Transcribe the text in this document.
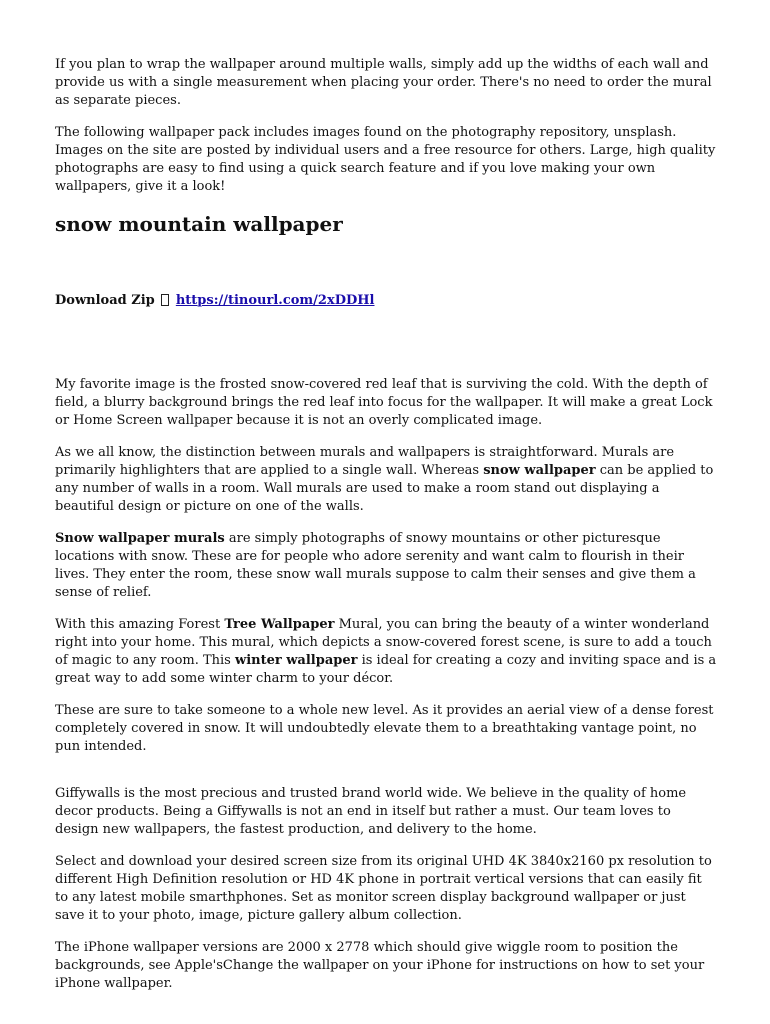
If you plan to wrap the wallpaper around multiple walls, simply add up the widths of each wall and provide us with a single measurement when placing your order. There's no need to order the mural as separate pieces.

The following wallpaper pack includes images found on the photography repository, unsplash. Images on the site are posted by individual users and a free resource for others. Large, high quality photographs are easy to find using a quick search feature and if you love making your own wallpapers, give it a look!

snow mountain wallpaper
Download Zip https://tinourl.com/2xDDHl

My favorite image is the frosted snow-covered red leaf that is surviving the cold. With the depth of field, a blurry background brings the red leaf into focus for the wallpaper. It will make a great Lock or Home Screen wallpaper because it is not an overly complicated image.

As we all know, the distinction between murals and wallpapers is straightforward. Murals are primarily highlighters that are applied to a single wall. Whereas snow wallpaper can be applied to any number of walls in a room. Wall murals are used to make a room stand out displaying a beautiful design or picture on one of the walls.

Snow wallpaper murals are simply photographs of snowy mountains or other picturesque locations with snow. These are for people who adore serenity and want calm to flourish in their lives. They enter the room, these snow wall murals suppose to calm their senses and give them a sense of relief.

With this amazing Forest Tree Wallpaper Mural, you can bring the beauty of a winter wonderland right into your home. This mural, which depicts a snow-covered forest scene, is sure to add a touch of magic to any room. This winter wallpaper is ideal for creating a cozy and inviting space and is a great way to add some winter charm to your décor.

These are sure to take someone to a whole new level. As it provides an aerial view of a dense forest completely covered in snow. It will undoubtedly elevate them to a breathtaking vantage point, no pun intended.

Giffywalls is the most precious and trusted brand world wide. We believe in the quality of home decor products. Being a Giffywalls is not an end in itself but rather a must. Our team loves to design new wallpapers, the fastest production, and delivery to the home.

Select and download your desired screen size from its original UHD 4K 3840x2160 px resolution to different High Definition resolution or HD 4K phone in portrait vertical versions that can easily fit to any latest mobile smarthphones. Set as monitor screen display background wallpaper or just save it to your photo, image, picture gallery album collection.

The iPhone wallpaper versions are 2000 x 2778 which should give wiggle room to position the backgrounds, see Apple'sChange the wallpaper on your iPhone for instructions on how to set your iPhone wallpaper.
